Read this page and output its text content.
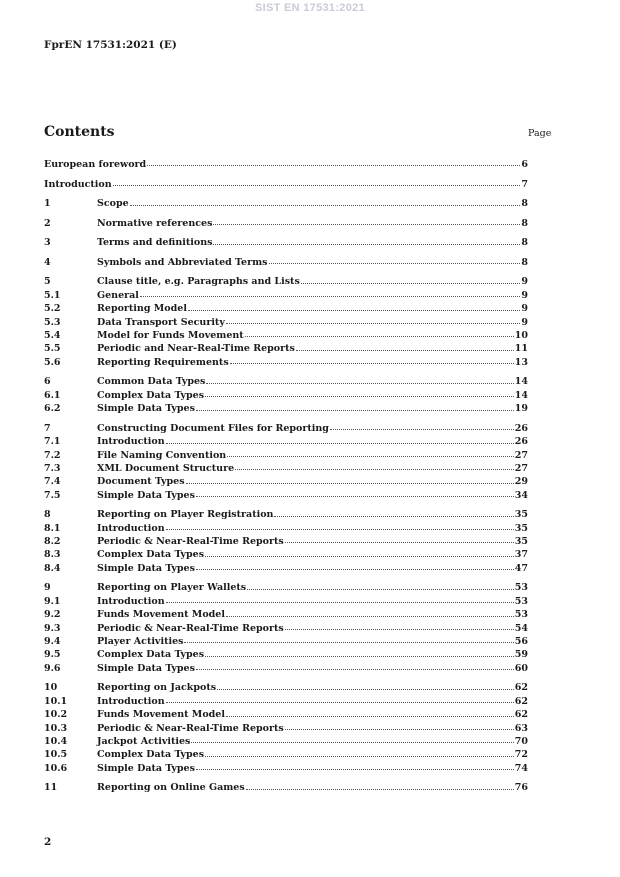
SIST EN 17531:2021
FprEN 17531:2021 (E)
Contents	Page
European foreword	6
Introduction	7
1	Scope	8
2	Normative references	8
3	Terms and definitions	8
4	Symbols and Abbreviated Terms	8
5	Clause title, e.g. Paragraphs and Lists	9
5.1	General	9
5.2	Reporting Model	9
5.3	Data Transport Security	9
5.4	Model for Funds Movement	10
5.5	Periodic and Near-Real-Time Reports	11
5.6	Reporting Requirements	13
6	Common Data Types	14
6.1	Complex Data Types	14
6.2	Simple Data Types	19
7	Constructing Document Files for Reporting	26
7.1	Introduction	26
7.2	File Naming Convention	27
7.3	XML Document Structure	27
7.4	Document Types	29
7.5	Simple Data Types	34
8	Reporting on Player Registration	35
8.1	Introduction	35
8.2	Periodic & Near-Real-Time Reports	35
8.3	Complex Data Types	37
8.4	Simple Data Types	47
9	Reporting on Player Wallets	53
9.1	Introduction	53
9.2	Funds Movement Model	53
9.3	Periodic & Near-Real-Time Reports	54
9.4	Player Activities	56
9.5	Complex Data Types	59
9.6	Simple Data Types	60
10	Reporting on Jackpots	62
10.1	Introduction	62
10.2	Funds Movement Model	62
10.3	Periodic & Near-Real-Time Reports	63
10.4	Jackpot Activities	70
10.5	Complex Data Types	72
10.6	Simple Data Types	74
11	Reporting on Online Games	76
2
